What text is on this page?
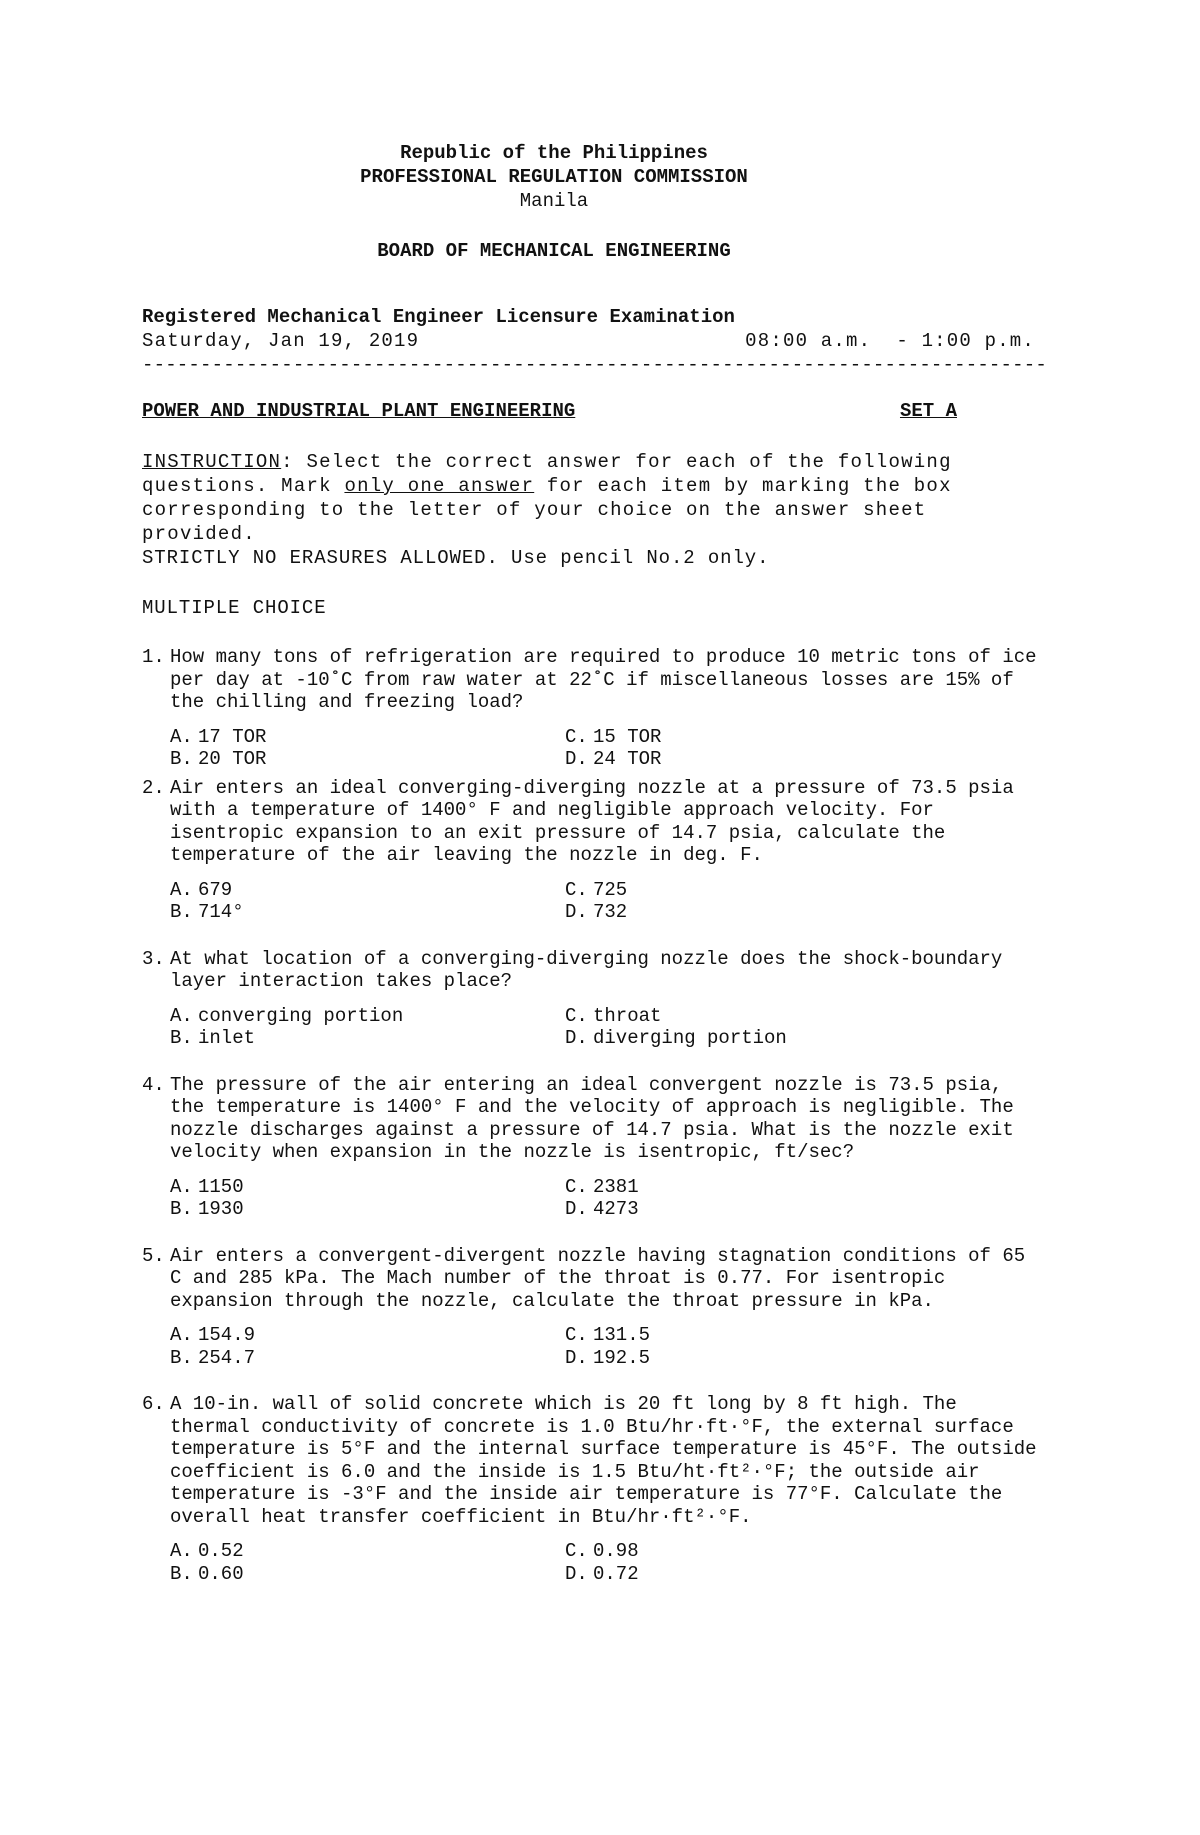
Republic of the Philippines
PROFESSIONAL REGULATION COMMISSION
Manila
BOARD OF MECHANICAL ENGINEERING
Registered Mechanical Engineer Licensure Examination
Saturday, Jan 19, 2019	08:00 a.m.  - 1:00 p.m.
------------------------------------------------------------------------------
POWER AND INDUSTRIAL PLANT ENGINEERING	SET A
INSTRUCTION: Select the correct answer for each of the following questions. Mark only one answer for each item by marking the box corresponding to the letter of your choice on the answer sheet provided.
STRICTLY NO ERASURES ALLOWED. Use pencil No.2 only.
MULTIPLE CHOICE
1. How many tons of refrigeration are required to produce 10 metric tons of ice per day at -10˚C from raw water at 22˚C if miscellaneous losses are 15% of the chilling and freezing load?
A. 17 TOR	C. 15 TOR
B. 20 TOR	D. 24 TOR
2. Air enters an ideal converging-diverging nozzle at a pressure of 73.5 psia with a temperature of 1400° F and negligible approach velocity. For isentropic expansion to an exit pressure of 14.7 psia, calculate the temperature of the air leaving the nozzle in deg. F.
A. 679	C. 725
B. 714°	D. 732
3. At what location of a converging-diverging nozzle does the shock-boundary layer interaction takes place?
A. converging portion	C. throat
B. inlet	D. diverging portion
4. The pressure of the air entering an ideal convergent nozzle is 73.5 psia, the temperature is 1400° F and the velocity of approach is negligible. The nozzle discharges against a pressure of 14.7 psia. What is the nozzle exit velocity when expansion in the nozzle is isentropic, ft/sec?
A. 1150	C. 2381
B. 1930	D. 4273
5. Air enters a convergent-divergent nozzle having stagnation conditions of 65 C and 285 kPa. The Mach number of the throat is 0.77. For isentropic expansion through the nozzle, calculate the throat pressure in kPa.
A. 154.9	C. 131.5
B. 254.7	D. 192.5
6. A 10-in. wall of solid concrete which is 20 ft long by 8 ft high. The thermal conductivity of concrete is 1.0 Btu/hr·ft·°F, the external surface temperature is 5°F and the internal surface temperature is 45°F. The outside coefficient is 6.0 and the inside is 1.5 Btu/ht·ft²·°F; the outside air temperature is -3°F and the inside air temperature is 77°F. Calculate the overall heat transfer coefficient in Btu/hr·ft²·°F.
A. 0.52	C. 0.98
B. 0.60	D. 0.72
